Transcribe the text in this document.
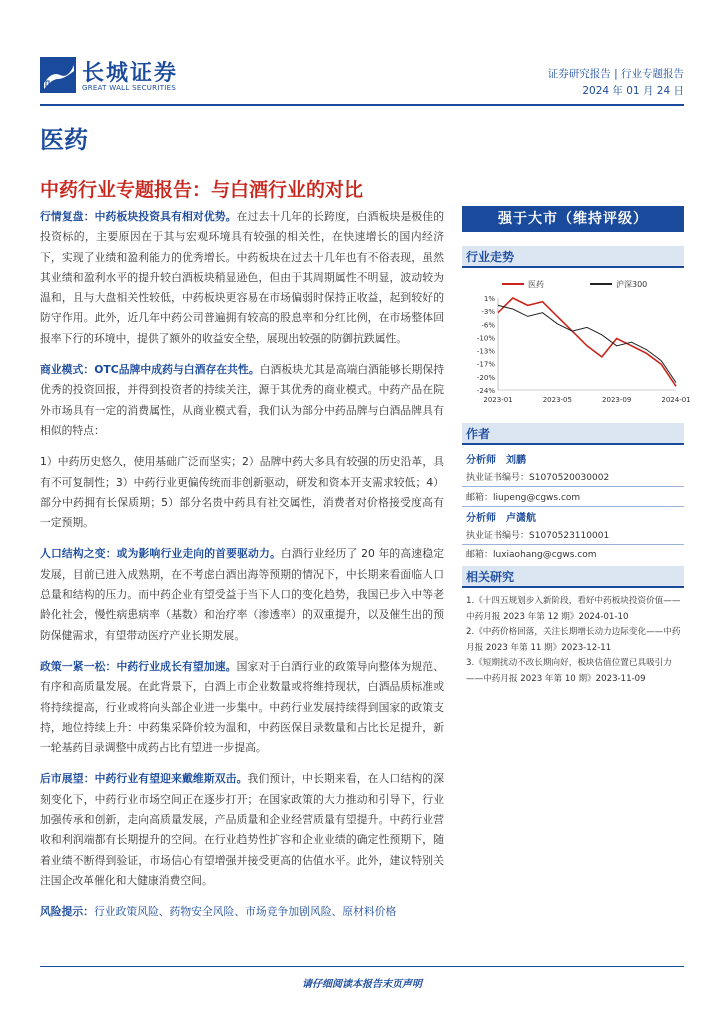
长城证券
GREAT WALL SECURITIES
证券研究报告 | 行业专题报告
2024 年 01 月 24 日
医药
中药行业专题报告：与白酒行业的对比

行情复盘：中药板块投资具有相对优势。在过去十几年的长跨度，白酒板块是极佳的投资标的，主要原因在于其与宏观环境具有较强的相关性，在快速增长的国内经济下，实现了业绩和盈利能力的优秀增长。中药板块在过去十几年也有不俗表现，虽然其业绩和盈利水平的提升较白酒板块稍显逊色，但由于其周期属性不明显，波动较为温和，且与大盘相关性较低，中药板块更容易在市场偏弱时保持正收益，起到较好的防守作用。此外，近几年中药公司普遍拥有较高的股息率和分红比例，在市场整体回报率下行的环境中，提供了额外的收益安全垫，展现出较强的防御抗跌属性。

商业模式：OTC品牌中成药与白酒存在共性。白酒板块尤其是高端白酒能够长期保持优秀的投资回报，并得到投资者的持续关注，源于其优秀的商业模式。中药产品在院外市场具有一定的消费属性，从商业模式看，我们认为部分中药品牌与白酒品牌具有相似的特点：

1）中药历史悠久，使用基础广泛而坚实；2）品牌中药大多具有较强的历史沿革，具有不可复制性；3）中药行业更偏传统而非创新驱动，研发和资本开支需求较低；4）部分中药拥有长保质期；5）部分名贵中药具有社交属性，消费者对价格接受度高有一定预期。

人口结构之变：或为影响行业走向的首要驱动力。白酒行业经历了 20 年的高速稳定发展，目前已进入成熟期，在不考虑白酒出海等预期的情况下，中长期来看面临人口总量和结构的压力。而中药企业有望受益于当下人口的变化趋势，我国已步入中等老龄化社会，慢性病患病率（基数）和治疗率（渗透率）的双重提升，以及催生出的预防保健需求，有望带动医疗产业长期发展。

政策一紧一松：中药行业成长有望加速。国家对于白酒行业的政策导向整体为规范、有序和高质量发展。在此背景下，白酒上市企业数量或将维持现状，白酒品质标准或将持续提高，行业或将向头部企业进一步集中。中药行业发展持续得到国家的政策支持，地位持续上升：中药集采降价较为温和，中药医保目录数量和占比长足提升，新一轮基药目录调整中成药占比有望进一步提高。

后市展望：中药行业有望迎来戴维斯双击。我们预计，中长期来看，在人口结构的深刻变化下，中药行业市场空间正在逐步打开；在国家政策的大力推动和引导下，行业加强传承和创新，走向高质量发展，产品质量和企业经营质量有望提升。中药行业营收和利润端都有长期提升的空间。在行业趋势性扩容和企业业绩的确定性预期下，随着业绩不断得到验证，市场信心有望增强并接受更高的估值水平。此外，建议特别关注国企改革催化和大健康消费空间。

风险提示：行业政策风险、药物安全风险、市场竞争加剧风险、原材料价格

强于大市（维持评级）
行业走势
1%
-3%
-6%
-10%
-13%
-17%
-20%
-24%
2023-01	2023-05	2023-09	2024-01
医药	沪深300
作者
分析师 刘鹏
执业证书编号：S1070520030002
邮箱：liupeng@cgws.com
分析师 卢潇航
执业证书编号：S1070523110001
邮箱：luxiaohang@cgws.com
相关研究
1.《十四五规划步入新阶段，看好中药板块投资价值——中药月报 2023 年第 12 期》2024-01-10
2.《中药价格回落，关注长期增长动力边际变化——中药月报 2023 年第 11 期》2023-12-11
3.《短期扰动不改长期向好，板块估值位置已具吸引力——中药月报 2023 年第 10 期》2023-11-09
请仔细阅读本报告末页声明
